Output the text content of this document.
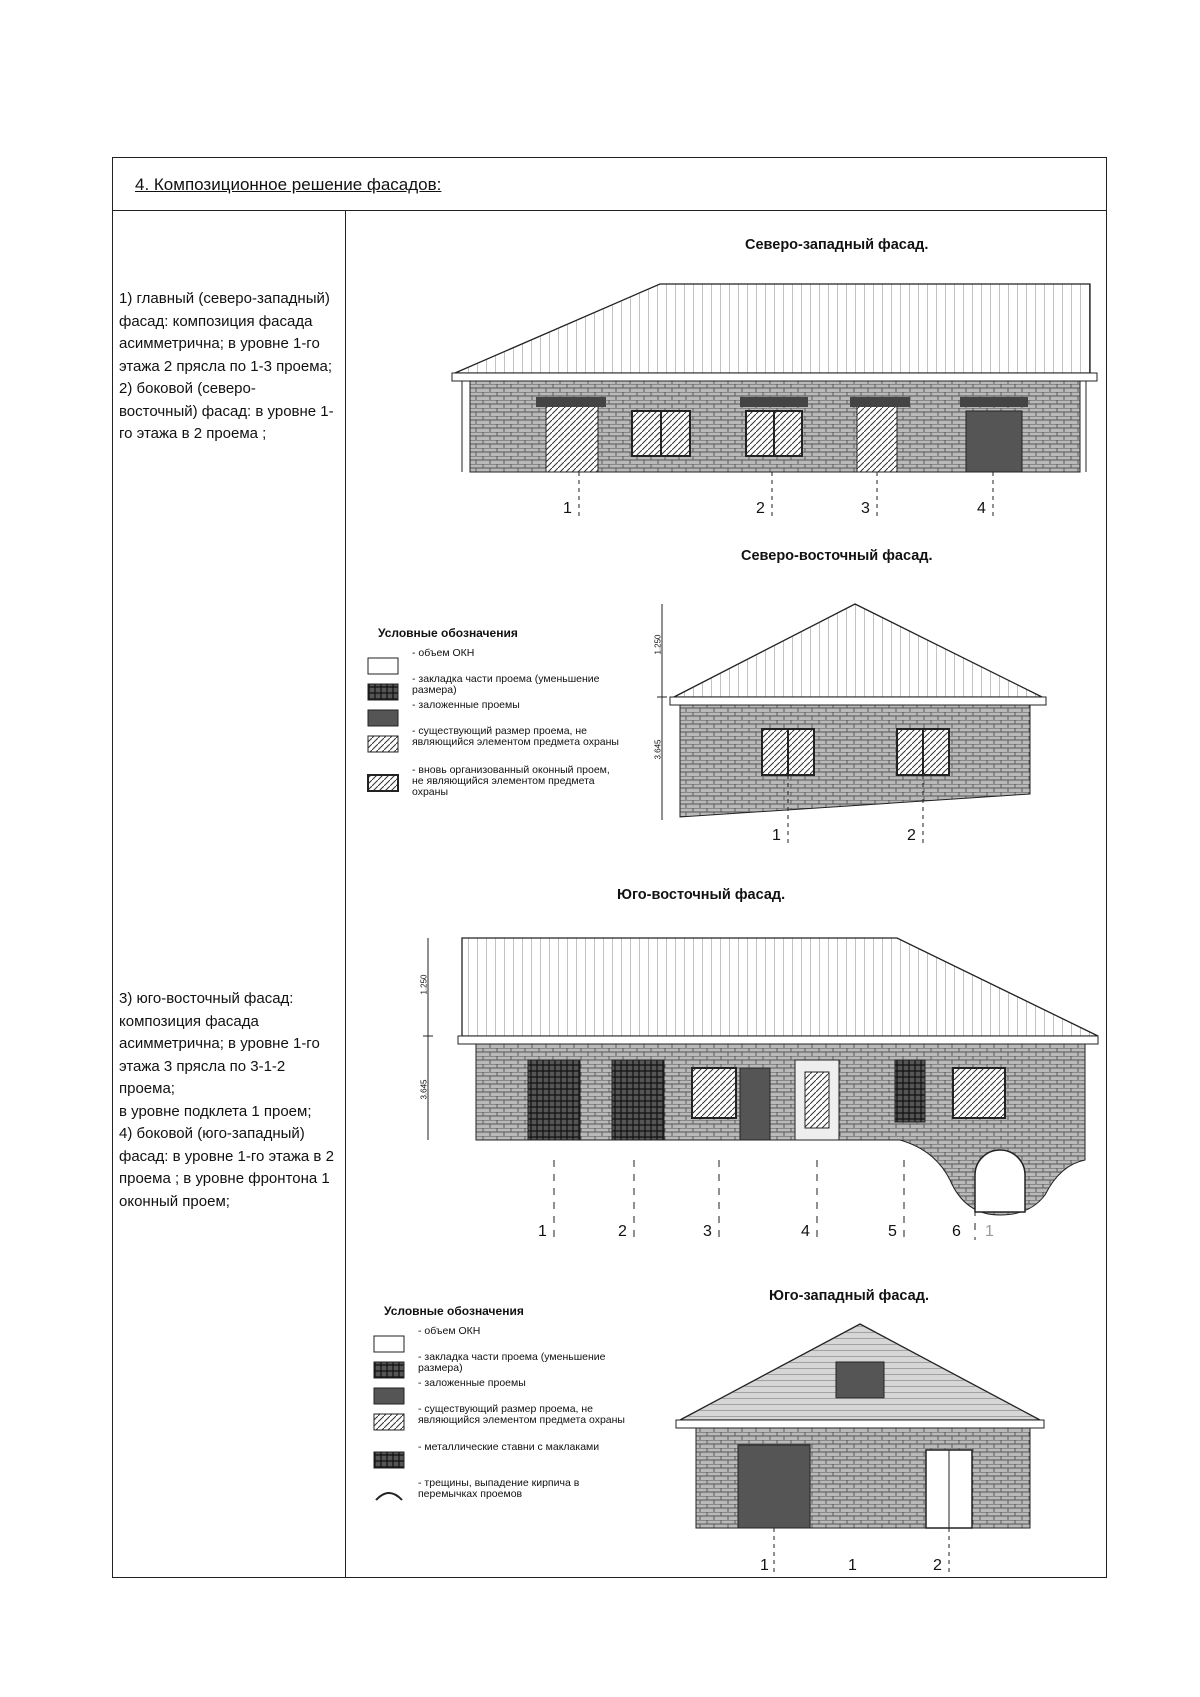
4. Композиционное решение фасадов:
1) главный (северо-западный) фасад: композиция фасада асимметрична; в уровне 1-го этажа 2 прясла по 1-3 проема;
2) боковой (северо-восточный) фасад: в уровне 1-го этажа в 2 проема ;
3) юго-восточный фасад: композиция фасада асимметрична; в уровне 1-го этажа 3 прясла по 3-1-2 проема;
в уровне подклета 1 проем;
4) боковой (юго-западный) фасад: в уровне 1-го этажа в 2 проема ; в уровне фронтона 1 оконный проем;
Северо-западный фасад.
Северо-восточный фасад.
Юго-восточный фасад.
Юго-западный фасад.
1	2	3	4
1	2
1	2	3	4	5	6 1
1	1	2
1.250
3.645
1.250
3.645
Условные обозначения
- объем ОКН
- закладка части проема (уменьшение размера)
- заложенные проемы
- существующий размер проема, не являющийся элементом предмета охраны
- вновь организованный оконный проем, не являющийся элементом предмета охраны
Условные обозначения
- объем ОКН
- закладка части проема (уменьшение размера)
- заложенные проемы
- существующий размер проема, не являющийся элементом предмета охраны
- металлические ставни с маклаками
- трещины, выпадение кирпича в перемычках проемов
